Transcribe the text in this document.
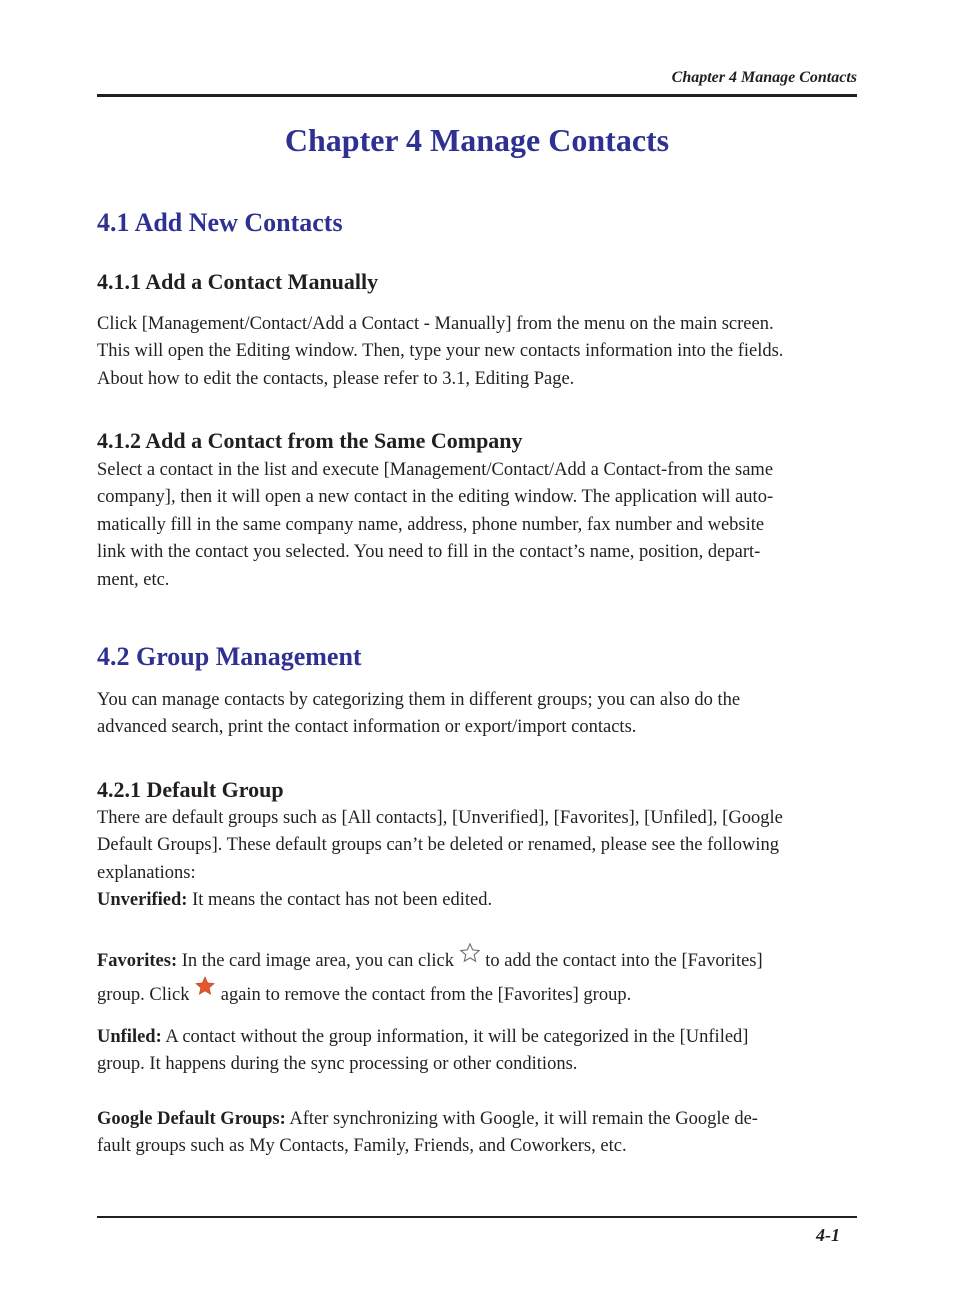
Chapter 4 Manage Contacts
Chapter 4 Manage Contacts
4.1 Add New Contacts
4.1.1 Add a Contact Manually
Click [Management/Contact/Add a Contact - Manually] from the menu on the main screen.
This will open the Editing window. Then, type your new contacts information into the fields.
About how to edit the contacts, please refer to 3.1, Editing Page.
4.1.2 Add a Contact from the Same Company
Select a contact in the list and execute [Management/Contact/Add a Contact-from the same
company], then it will open a new contact in the editing window. The application will auto-
matically fill in the same company name, address, phone number, fax number and website
link with the contact you selected. You need to fill in the contact’s name, position, depart-
ment, etc.
4.2 Group Management
You can manage contacts by categorizing them in different groups; you can also do the
advanced search, print the contact information or export/import contacts.
4.2.1 Default Group
There are default groups such as [All contacts], [Unverified], [Favorites], [Unfiled], [Google
Default Groups]. These default groups can’t be deleted or renamed, please see the following
explanations:
Unverified: It means the contact has not been edited.
Favorites: In the card image area, you can click  to add the contact into the [Favorites]
group. Click  again to remove the contact from the [Favorites] group.
Unfiled: A contact without the group information, it will be categorized in the [Unfiled]
group. It happens during the sync processing or other conditions.
Google Default Groups: After synchronizing with Google, it will remain the Google de-
fault groups such as My Contacts, Family, Friends, and Coworkers, etc.
4-1
